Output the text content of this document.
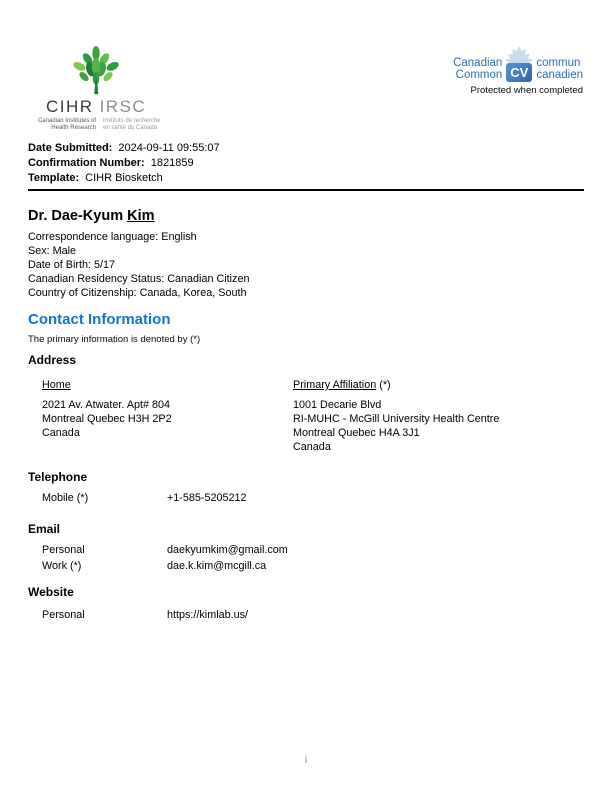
CIHR IRSC
Canadian Institutes of
Health Research
Instituts de recherche
en santé du Canada
Canadian
Common CV
commun
canadien
Protected when completed
Date Submitted: 2024-09-11 09:55:07
Confirmation Number: 1821859
Template: CIHR Biosketch
Dr. Dae-Kyum Kim
Correspondence language: English
Sex: Male
Date of Birth: 5/17
Canadian Residency Status: Canadian Citizen
Country of Citizenship: Canada, Korea, South
Contact Information
The primary information is denoted by (*)
Address
Home
2021 Av. Atwater. Apt# 804
Montreal Quebec H3H 2P2
Canada
Primary Affiliation (*)
1001 Decarie Blvd
RI-MUHC - McGill University Health Centre
Montreal Quebec H4A 3J1
Canada
Telephone
Mobile (*)	+1-585-5205212
Email
Personal	daekyumkim@gmail.com
Work (*)	dae.k.kim@mcgill.ca
Website
Personal	https://kimlab.us/
i
